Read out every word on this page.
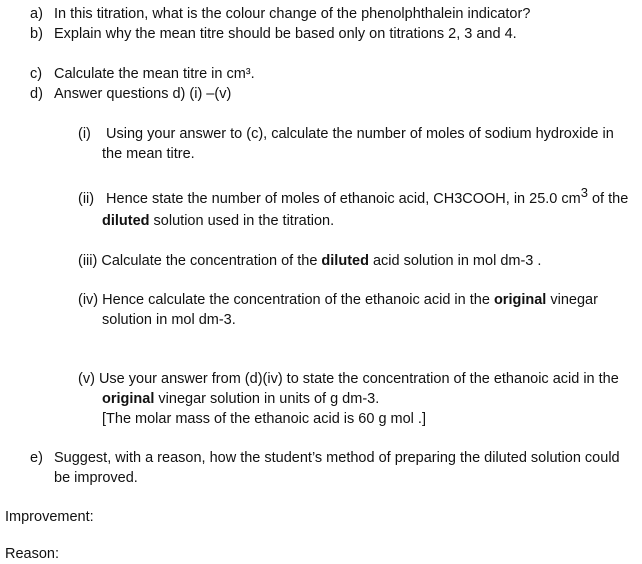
a) In this titration, what is the colour change of the phenolphthalein indicator?
b) Explain why the mean titre should be based only on titrations 2, 3 and 4.
c) Calculate the mean titre in cm³.
d) Answer questions d) (i) –(v)
(i) Using your answer to (c), calculate the number of moles of sodium hydroxide in
the mean titre.
(ii) Hence state the number of moles of ethanoic acid, CH3COOH, in 25.0 cm3 of the
diluted solution used in the titration.
(iii) Calculate the concentration of the diluted acid solution in mol dm-3 .
(iv) Hence calculate the concentration of the ethanoic acid in the original vinegar
solution in mol dm-3.
(v) Use your answer from (d)(iv) to state the concentration of the ethanoic acid in the
original vinegar solution in units of g dm-3.
[The molar mass of the ethanoic acid is 60 g mol .]
e) Suggest, with a reason, how the student’s method of preparing the diluted solution could
be improved.
Improvement:
Reason:
